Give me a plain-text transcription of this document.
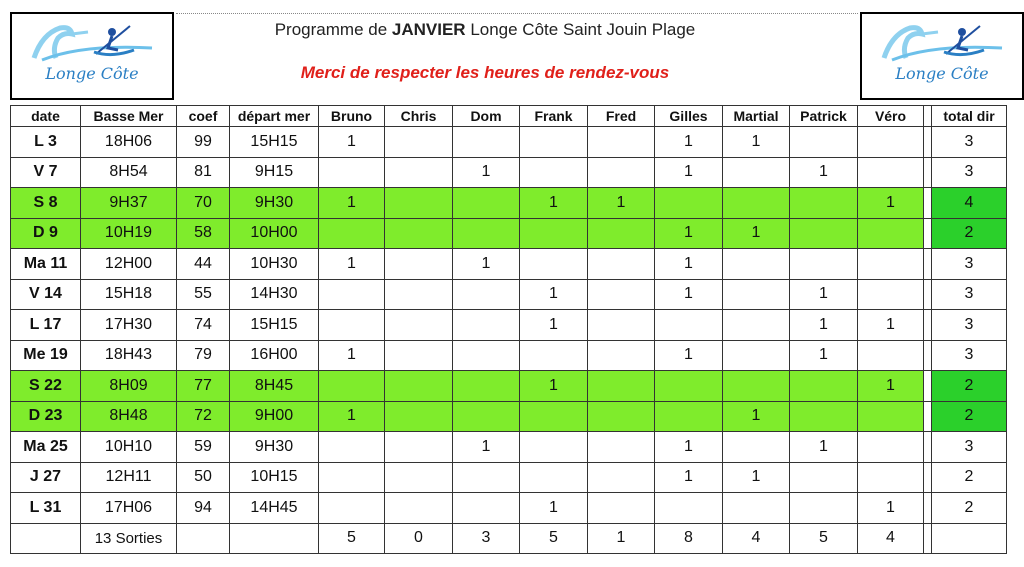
Longe Côte	Longe Côte
Programme de JANVIER Longe Côte Saint Jouin Plage
Merci de respecter les heures de rendez-vous
date	Basse Mer	coef	départ mer	Bruno	Chris	Dom	Frank	Fred	Gilles	Martial	Patrick	Véro		total dir
L 3	18H06	99	15H15	1					1	1				3
V 7	8H54	81	9H15			1			1		1			3
S 8	9H37	70	9H30	1			1	1				1		4
D 9	10H19	58	10H00						1	1				2
Ma 11	12H00	44	10H30	1		1			1					3
V 14	15H18	55	14H30				1		1		1			3
L 17	17H30	74	15H15				1				1	1		3
Me 19	18H43	79	16H00	1					1		1			3
S 22	8H09	77	8H45				1					1		2
D 23	8H48	72	9H00	1						1				2
Ma 25	10H10	59	9H30			1			1		1			3
J 27	12H11	50	10H15						1	1				2
L 31	17H06	94	14H45				1					1		2
	13 Sorties			5	0	3	5	1	8	4	5	4		
